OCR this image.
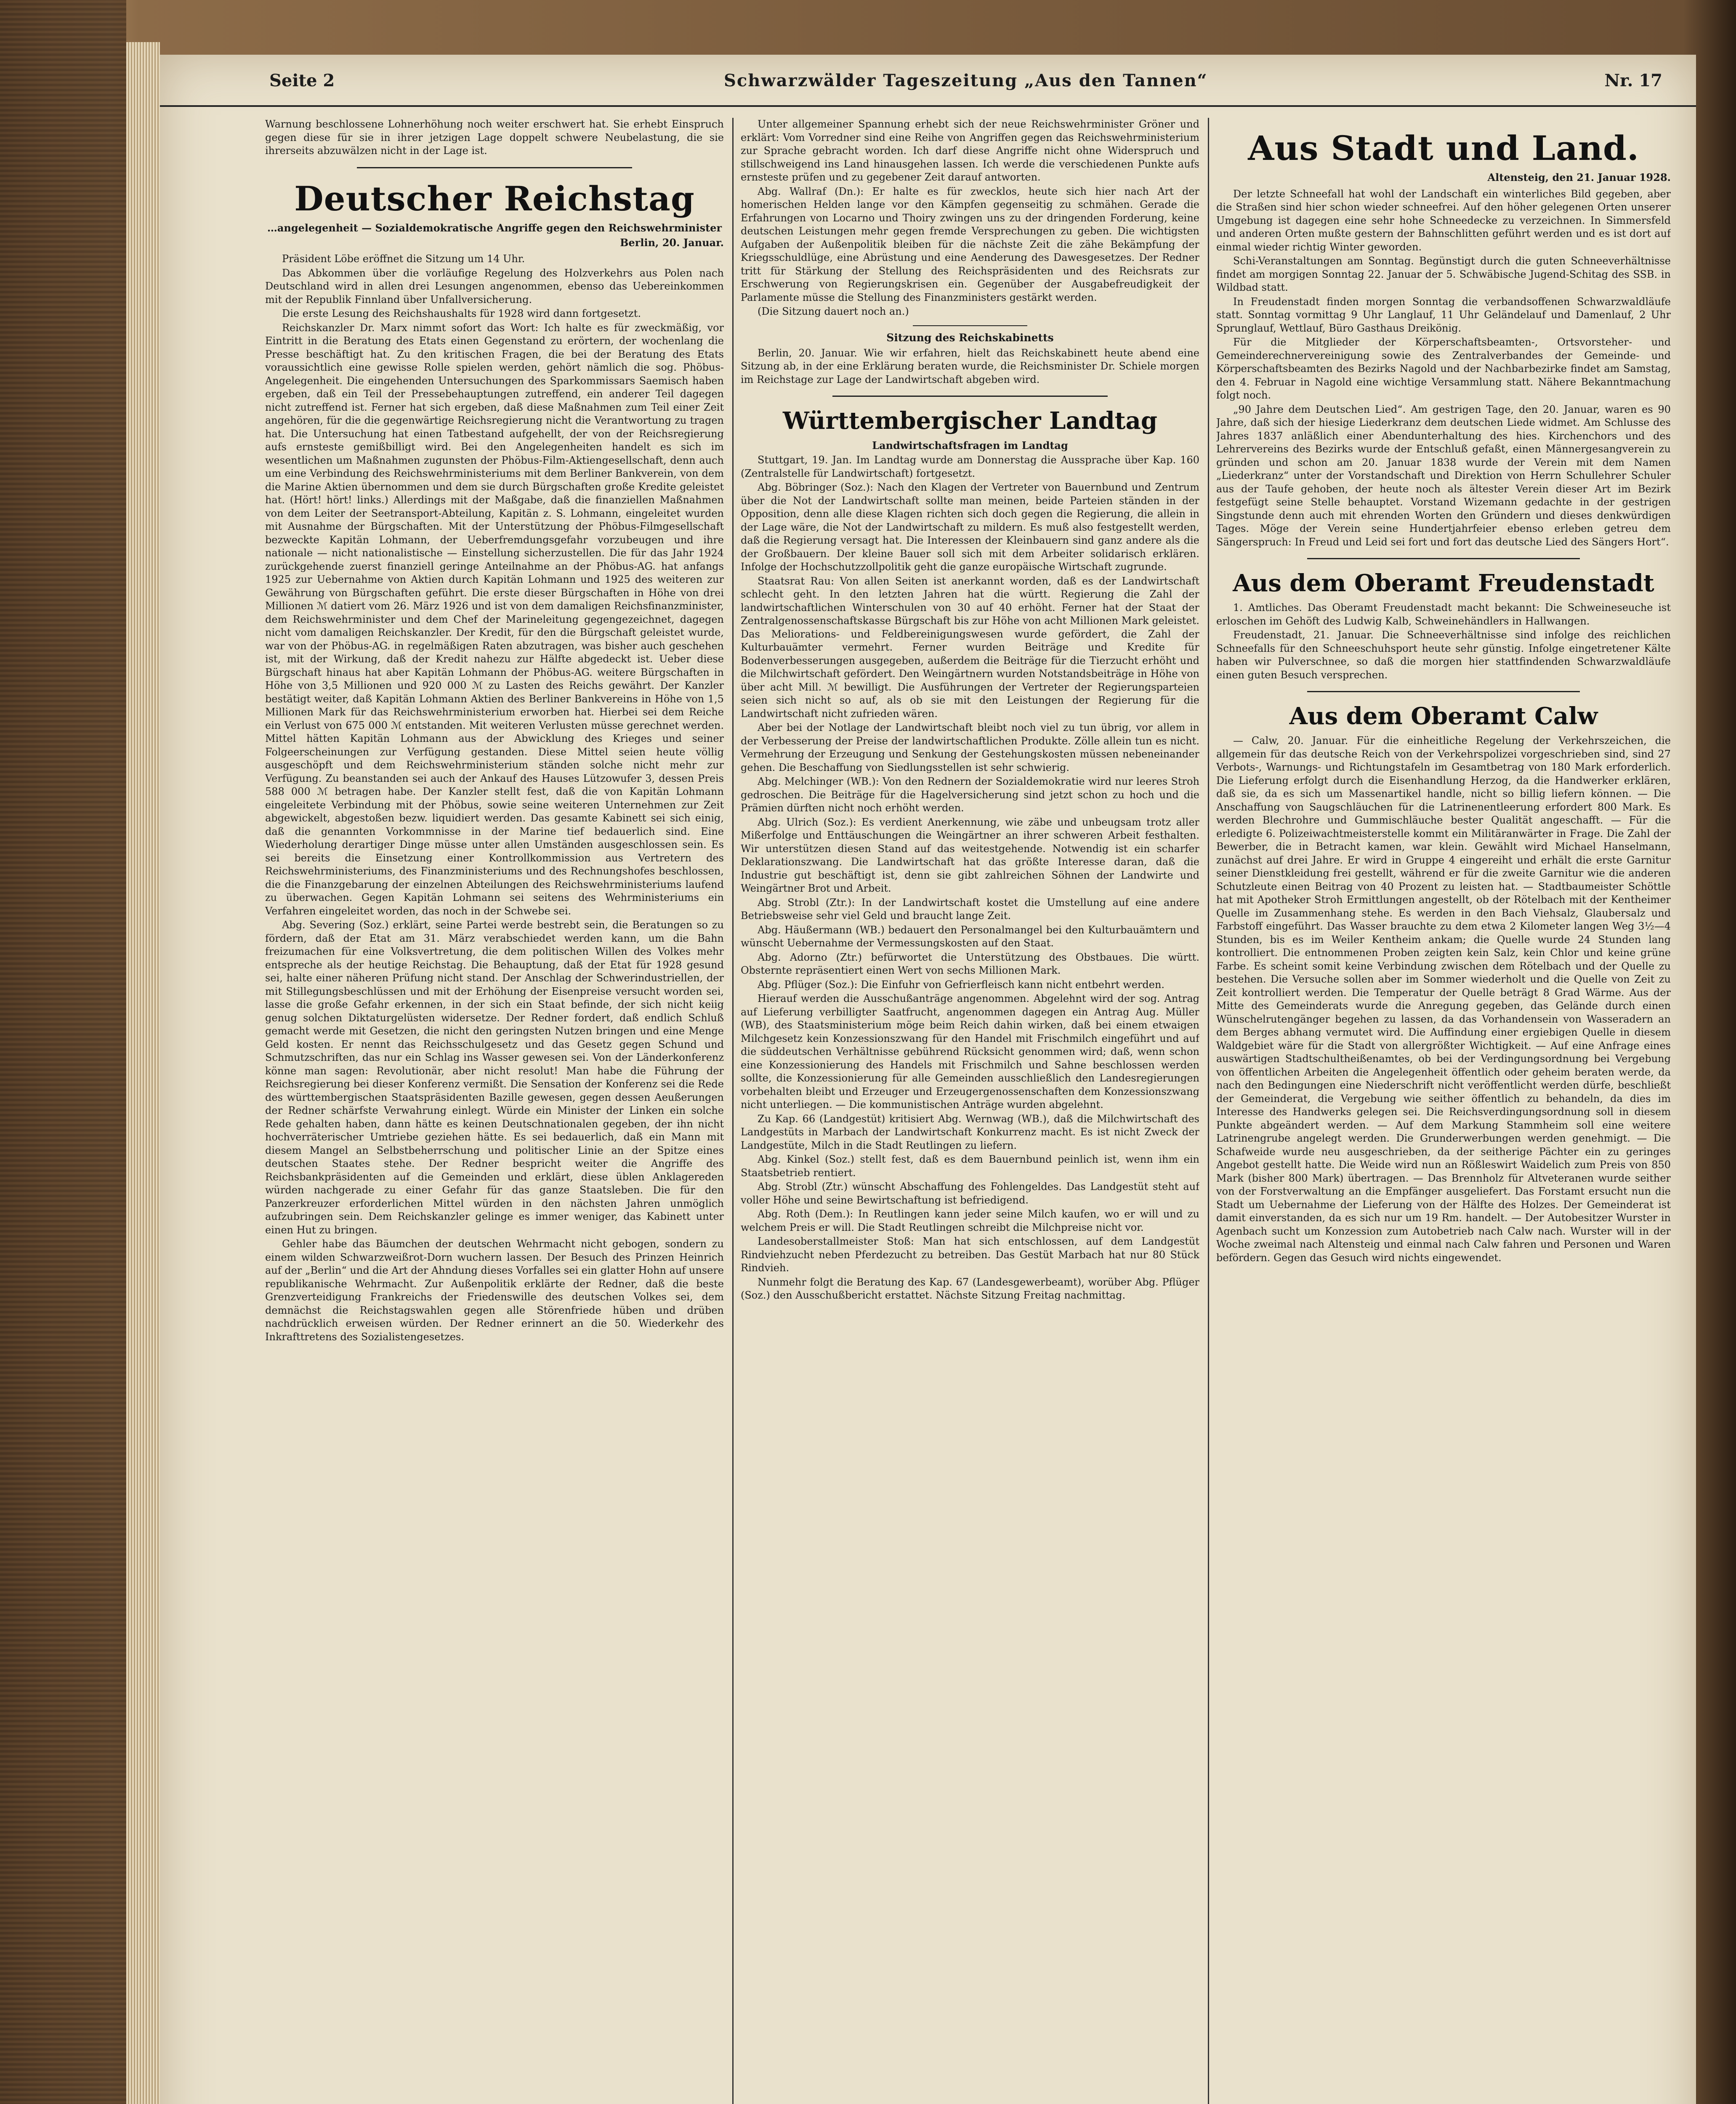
Seite 2	Schwarzwälder Tageszeitung „Aus den Tannen“	Nr. 17

Warnung beschlossene Lohnerhöhung noch weiter erschwert hat. Sie erhebt Einspruch gegen diese für sie in ihrer jetzigen Lage doppelt schwere Neubelastung, die sie ihrerseits abzuwälzen nicht in der Lage ist.

Deutscher Reichstag
…angelegenheit — Sozialdemokratische Angriffe gegen den Reichswehrminister
Berlin, 20. Januar.

Präsident Löbe eröffnet die Sitzung um 14 Uhr.

Das Abkommen über die vorläufige Regelung des Holzverkehrs aus Polen nach Deutschland wird in allen drei Lesungen angenommen, ebenso das Uebereinkommen mit der Republik Finnland über Unfallversicherung.

Die erste Lesung des Reichshaushalts für 1928 wird dann fortgesetzt.

Reichskanzler Dr. Marx nimmt sofort das Wort: Ich halte es für zweckmäßig, vor Eintritt in die Beratung des Etats einen Gegenstand zu erörtern, der wochenlang die Presse beschäftigt hat. Zu den kritischen Fragen, die bei der Beratung des Etats voraussichtlich eine gewisse Rolle spielen werden, gehört nämlich die sog. Phöbus-Angelegenheit. Die eingehenden Untersuchungen des Sparkommissars Saemisch haben ergeben, daß ein Teil der Pressebehauptungen zutreffend, ein anderer Teil dagegen nicht zutreffend ist. Ferner hat sich ergeben, daß diese Maßnahmen zum Teil einer Zeit angehören, für die die gegenwärtige Reichsregierung nicht die Verantwortung zu tragen hat. Die Untersuchung hat einen Tatbestand aufgehellt, der von der Reichsregierung aufs ernsteste gemißbilligt wird. Bei den Angelegenheiten handelt es sich im wesentlichen um Maßnahmen zugunsten der Phöbus-Film-Aktiengesellschaft, denn auch um eine Verbindung des Reichswehrministeriums mit dem Berliner Bankverein, von dem die Marine Aktien übernommen und dem sie durch Bürgschaften große Kredite geleistet hat. (Hört! hört! links.) Allerdings mit der Maßgabe, daß die finanziellen Maßnahmen von dem Leiter der Seetransport-Abteilung, Kapitän z. S. Lohmann, eingeleitet wurden mit Ausnahme der Bürgschaften. Mit der Unterstützung der Phöbus-Filmgesellschaft bezweckte Kapitän Lohmann, der Ueberfremdungsgefahr vorzubeugen und ihre nationale — nicht nationalistische — Einstellung sicherzustellen. Die für das Jahr 1924 zurückgehende zuerst finanziell geringe Anteilnahme an der Phöbus-AG. hat anfangs 1925 zur Uebernahme von Aktien durch Kapitän Lohmann und 1925 des weiteren zur Gewährung von Bürgschaften geführt. Die erste dieser Bürgschaften in Höhe von drei Millionen ℳ datiert vom 26. März 1926 und ist von dem damaligen Reichsfinanzminister, dem Reichswehrminister und dem Chef der Marineleitung gegengezeichnet, dagegen nicht vom damaligen Reichskanzler. Der Kredit, für den die Bürgschaft geleistet wurde, war von der Phöbus-AG. in regelmäßigen Raten abzutragen, was bisher auch geschehen ist, mit der Wirkung, daß der Kredit nahezu zur Hälfte abgedeckt ist. Ueber diese Bürgschaft hinaus hat aber Kapitän Lohmann der Phöbus-AG. weitere Bürgschaften in Höhe von 3,5 Millionen und 920 000 ℳ zu Lasten des Reichs gewährt. Der Kanzler bestätigt weiter, daß Kapitän Lohmann Aktien des Berliner Bankvereins in Höhe von 1,5 Millionen Mark für das Reichswehrministerium erworben hat. Hierbei sei dem Reiche ein Verlust von 675 000 ℳ entstanden. Mit weiteren Verlusten müsse gerechnet werden. Mittel hätten Kapitän Lohmann aus der Abwicklung des Krieges und seiner Folgeerscheinungen zur Verfügung gestanden. Diese Mittel seien heute völlig ausgeschöpft und dem Reichswehrministerium ständen solche nicht mehr zur Verfügung. Zu beanstanden sei auch der Ankauf des Hauses Lützowufer 3, dessen Preis 588 000 ℳ betragen habe. Der Kanzler stellt fest, daß die von Kapitän Lohmann eingeleitete Verbindung mit der Phöbus, sowie seine weiteren Unternehmen zur Zeit abgewickelt, abgestoßen bezw. liquidiert werden. Das gesamte Kabinett sei sich einig, daß die genannten Vorkommnisse in der Marine tief bedauerlich sind. Eine Wiederholung derartiger Dinge müsse unter allen Umständen ausgeschlossen sein. Es sei bereits die Einsetzung einer Kontrollkommission aus Vertretern des Reichswehrministeriums, des Finanzministeriums und des Rechnungshofes beschlossen, die die Finanzgebarung der einzelnen Abteilungen des Reichswehrministeriums laufend zu überwachen. Gegen Kapitän Lohmann sei seitens des Wehrministeriums ein Verfahren eingeleitet worden, das noch in der Schwebe sei.

Abg. Severing (Soz.) erklärt, seine Partei werde bestrebt sein, die Beratungen so zu fördern, daß der Etat am 31. März verabschiedet werden kann, um die Bahn freizumachen für eine Volksvertretung, die dem politischen Willen des Volkes mehr entspreche als der heutige Reichstag. Die Behauptung, daß der Etat für 1928 gesund sei, halte einer näheren Prüfung nicht stand. Der Anschlag der Schwerindustriellen, der mit Stillegungsbeschlüssen und mit der Erhöhung der Eisenpreise versucht worden sei, lasse die große Gefahr erkennen, in der sich ein Staat befinde, der sich nicht keiig genug solchen Diktaturgelüsten widersetze. Der Redner fordert, daß endlich Schluß gemacht werde mit Gesetzen, die nicht den geringsten Nutzen bringen und eine Menge Geld kosten. Er nennt das Reichsschulgesetz und das Gesetz gegen Schund und Schmutzschriften, das nur ein Schlag ins Wasser gewesen sei. Von der Länderkonferenz könne man sagen: Revolutionär, aber nicht resolut! Man habe die Führung der Reichsregierung bei dieser Konferenz vermißt. Die Sensation der Konferenz sei die Rede des württembergischen Staatspräsidenten Bazille gewesen, gegen dessen Aeußerungen der Redner schärfste Verwahrung einlegt. Würde ein Minister der Linken ein solche Rede gehalten haben, dann hätte es keinen Deutschnationalen gegeben, der ihn nicht hochverräterischer Umtriebe geziehen hätte. Es sei bedauerlich, daß ein Mann mit diesem Mangel an Selbstbeherrschung und politischer Linie an der Spitze eines deutschen Staates stehe. Der Redner bespricht weiter die Angriffe des Reichsbankpräsidenten auf die Gemeinden und erklärt, diese üblen Anklagereden würden nachgerade zu einer Gefahr für das ganze Staatsleben. Die für den Panzerkreuzer erforderlichen Mittel würden in den nächsten Jahren unmöglich aufzubringen sein. Dem Reichskanzler gelinge es immer weniger, das Kabinett unter einen Hut zu bringen.

Gehler habe das Bäumchen der deutschen Wehrmacht nicht gebogen, sondern zu einem wilden Schwarzweißrot-Dorn wuchern lassen. Der Besuch des Prinzen Heinrich auf der „Berlin“ und die Art der Ahndung dieses Vorfalles sei ein glatter Hohn auf unsere republikanische Wehrmacht. Zur Außenpolitik erklärte der Redner, daß die beste Grenzverteidigung Frankreichs der Friedenswille des deutschen Volkes sei, dem demnächst die Reichstagswahlen gegen alle Störenfriede hüben und drüben nachdrücklich erweisen würden. Der Redner erinnert an die 50. Wiederkehr des Inkrafttretens des Sozialistengesetzes.

Unter allgemeiner Spannung erhebt sich der neue Reichswehrminister Gröner und erklärt: Vom Vorredner sind eine Reihe von Angriffen gegen das Reichswehrministerium zur Sprache gebracht worden. Ich darf diese Angriffe nicht ohne Widerspruch und stillschweigend ins Land hinausgehen lassen. Ich werde die verschiedenen Punkte aufs ernsteste prüfen und zu gegebener Zeit darauf antworten.

Abg. Wallraf (Dn.): Er halte es für zwecklos, heute sich hier nach Art der homerischen Helden lange vor den Kämpfen gegenseitig zu schmähen. Gerade die Erfahrungen von Locarno und Thoiry zwingen uns zu der dringenden Forderung, keine deutschen Leistungen mehr gegen fremde Versprechungen zu geben. Die wichtigsten Aufgaben der Außenpolitik bleiben für die nächste Zeit die zähe Bekämpfung der Kriegsschuldlüge, eine Abrüstung und eine Aenderung des Dawesgesetzes. Der Redner tritt für Stärkung der Stellung des Reichspräsidenten und des Reichsrats zur Erschwerung von Regierungskrisen ein. Gegenüber der Ausgabefreudigkeit der Parlamente müsse die Stellung des Finanzministers gestärkt werden.

(Die Sitzung dauert noch an.)

Sitzung des Reichskabinetts

Berlin, 20. Januar. Wie wir erfahren, hielt das Reichskabinett heute abend eine Sitzung ab, in der eine Erklärung beraten wurde, die Reichsminister Dr. Schiele morgen im Reichstage zur Lage der Landwirtschaft abgeben wird.

Württembergischer Landtag
Landwirtschaftsfragen im Landtag

Stuttgart, 19. Jan. Im Landtag wurde am Donnerstag die Aussprache über Kap. 160 (Zentralstelle für Landwirtschaft) fortgesetzt.

Abg. Böbringer (Soz.): Nach den Klagen der Vertreter von Bauernbund und Zentrum über die Not der Landwirtschaft sollte man meinen, beide Parteien ständen in der Opposition, denn alle diese Klagen richten sich doch gegen die Regierung, die allein in der Lage wäre, die Not der Landwirtschaft zu mildern. Es muß also festgestellt werden, daß die Regierung versagt hat. Die Interessen der Kleinbauern sind ganz andere als die der Großbauern. Der kleine Bauer soll sich mit dem Arbeiter solidarisch erklären. Infolge der Hochschutzzollpolitik geht die ganze europäische Wirtschaft zugrunde.

Staatsrat Rau: Von allen Seiten ist anerkannt worden, daß es der Landwirtschaft schlecht geht. In den letzten Jahren hat die württ. Regierung die Zahl der landwirtschaftlichen Winterschulen von 30 auf 40 erhöht. Ferner hat der Staat der Zentralgenossenschaftskasse Bürgschaft bis zur Höhe von acht Millionen Mark geleistet. Das Meliorations- und Feldbereinigungswesen wurde gefördert, die Zahl der Kulturbauämter vermehrt. Ferner wurden Beiträge und Kredite für Bodenverbesserungen ausgegeben, außerdem die Beiträge für die Tierzucht erhöht und die Milchwirtschaft gefördert. Den Weingärtnern wurden Notstandsbeiträge in Höhe von über acht Mill. ℳ bewilligt. Die Ausführungen der Vertreter der Regierungsparteien seien sich nicht so auf, als ob sie mit den Leistungen der Regierung für die Landwirtschaft nicht zufrieden wären.

Aber bei der Notlage der Landwirtschaft bleibt noch viel zu tun übrig, vor allem in der Verbesserung der Preise der landwirtschaftlichen Produkte. Zölle allein tun es nicht. Vermehrung der Erzeugung und Senkung der Gestehungskosten müssen nebeneinander gehen. Die Beschaffung von Siedlungsstellen ist sehr schwierig.

Abg. Melchinger (WB.): Von den Rednern der Sozialdemokratie wird nur leeres Stroh gedroschen. Die Beiträge für die Hagelversicherung sind jetzt schon zu hoch und die Prämien dürften nicht noch erhöht werden.

Abg. Ulrich (Soz.): Es verdient Anerkennung, wie zäbe und unbeugsam trotz aller Mißerfolge und Enttäuschungen die Weingärtner an ihrer schweren Arbeit festhalten. Wir unterstützen diesen Stand auf das weitestgehende. Notwendig ist ein scharfer Deklarationszwang. Die Landwirtschaft hat das größte Interesse daran, daß die Industrie gut beschäftigt ist, denn sie gibt zahlreichen Söhnen der Landwirte und Weingärtner Brot und Arbeit.

Abg. Strobl (Ztr.): In der Landwirtschaft kostet die Umstellung auf eine andere Betriebsweise sehr viel Geld und braucht lange Zeit.

Abg. Häußermann (WB.) bedauert den Personalmangel bei den Kulturbauämtern und wünscht Uebernahme der Vermessungskosten auf den Staat.

Abg. Adorno (Ztr.) befürwortet die Unterstützung des Obstbaues. Die württ. Obsternte repräsentiert einen Wert von sechs Millionen Mark.

Abg. Pflüger (Soz.): Die Einfuhr von Gefrierfleisch kann nicht entbehrt werden.

Hierauf werden die Ausschußanträge angenommen. Abgelehnt wird der sog. Antrag auf Lieferung verbilligter Saatfrucht, angenommen dagegen ein Antrag Aug. Müller (WB), des Staatsministerium möge beim Reich dahin wirken, daß bei einem etwaigen Milchgesetz kein Konzessionszwang für den Handel mit Frischmilch eingeführt und auf die süddeutschen Verhältnisse gebührend Rücksicht genommen wird; daß, wenn schon eine Konzessionierung des Handels mit Frischmilch und Sahne beschlossen werden sollte, die Konzessionierung für alle Gemeinden ausschließlich den Landesregierungen vorbehalten bleibt und Erzeuger und Erzeugergenossenschaften dem Konzessionszwang nicht unterliegen. — Die kommunistischen Anträge wurden abgelehnt.

Zu Kap. 66 (Landgestüt) kritisiert Abg. Wernwag (WB.), daß die Milchwirtschaft des Landgestüts in Marbach der Landwirtschaft Konkurrenz macht. Es ist nicht Zweck der Landgestüte, Milch in die Stadt Reutlingen zu liefern.

Abg. Kinkel (Soz.) stellt fest, daß es dem Bauernbund peinlich ist, wenn ihm ein Staatsbetrieb rentiert.

Abg. Strobl (Ztr.) wünscht Abschaffung des Fohlengeldes. Das Landgestüt steht auf voller Höhe und seine Bewirtschaftung ist befriedigend.

Abg. Roth (Dem.): In Reutlingen kann jeder seine Milch kaufen, wo er will und zu welchem Preis er will. Die Stadt Reutlingen schreibt die Milchpreise nicht vor.

Landesoberstallmeister Stoß: Man hat sich entschlossen, auf dem Landgestüt Rindviehzucht neben Pferdezucht zu betreiben. Das Gestüt Marbach hat nur 80 Stück Rindvieh.

Nunmehr folgt die Beratung des Kap. 67 (Landesgewerbeamt), worüber Abg. Pflüger (Soz.) den Ausschußbericht erstattet. Nächste Sitzung Freitag nachmittag.

Aus Stadt und Land.
Altensteig, den 21. Januar 1928.

Der letzte Schneefall hat wohl der Landschaft ein winterliches Bild gegeben, aber die Straßen sind hier schon wieder schneefrei. Auf den höher gelegenen Orten unserer Umgebung ist dagegen eine sehr hohe Schneedecke zu verzeichnen. In Simmersfeld und anderen Orten mußte gestern der Bahnschlitten geführt werden und es ist dort auf einmal wieder richtig Winter geworden.

Schi-Veranstaltungen am Sonntag. Begünstigt durch die guten Schneeverhältnisse findet am morgigen Sonntag 22. Januar der 5. Schwäbische Jugend-Schitag des SSB. in Wildbad statt.

In Freudenstadt finden morgen Sonntag die verbandsoffenen Schwarzwaldläufe statt. Sonntag vormittag 9 Uhr Langlauf, 11 Uhr Geländelauf und Damenlauf, 2 Uhr Sprunglauf, Wettlauf, Büro Gasthaus Dreikönig.

Für die Mitglieder der Körperschaftsbeamten-, Ortsvorsteher- und Gemeinderechnervereinigung sowie des Zentralverbandes der Gemeinde- und Körperschaftsbeamten des Bezirks Nagold und der Nachbarbezirke findet am Samstag, den 4. Februar in Nagold eine wichtige Versammlung statt. Nähere Bekanntmachung folgt noch.

„90 Jahre dem Deutschen Lied“. Am gestrigen Tage, den 20. Januar, waren es 90 Jahre, daß sich der hiesige Liederkranz dem deutschen Liede widmet. Am Schlusse des Jahres 1837 anläßlich einer Abendunterhaltung des hies. Kirchenchors und des Lehrervereins des Bezirks wurde der Entschluß gefaßt, einen Männergesangverein zu gründen und schon am 20. Januar 1838 wurde der Verein mit dem Namen „Liederkranz“ unter der Vorstandschaft und Direktion von Herrn Schullehrer Schuler aus der Taufe gehoben, der heute noch als ältester Verein dieser Art im Bezirk festgefügt seine Stelle behauptet. Vorstand Wizemann gedachte in der gestrigen Singstunde denn auch mit ehrenden Worten den Gründern und dieses denkwürdigen Tages. Möge der Verein seine Hundertjahrfeier ebenso erleben getreu dem Sängerspruch: In Freud und Leid sei fort und fort das deutsche Lied des Sängers Hort“.

Aus dem Oberamt Freudenstadt

1. Amtliches. Das Oberamt Freudenstadt macht bekannt: Die Schweineseuche ist erloschen im Gehöft des Ludwig Kalb, Schweinehändlers in Hallwangen.

Freudenstadt, 21. Januar. Die Schneeverhältnisse sind infolge des reichlichen Schneefalls für den Schneeschuhsport heute sehr günstig. Infolge eingetretener Kälte haben wir Pulverschnee, so daß die morgen hier stattfindenden Schwarzwaldläufe einen guten Besuch versprechen.

Aus dem Oberamt Calw

— Calw, 20. Januar. Für die einheitliche Regelung der Verkehrszeichen, die allgemein für das deutsche Reich von der Verkehrspolizei vorgeschrieben sind, sind 27 Verbots-, Warnungs- und Richtungstafeln im Gesamtbetrag von 180 Mark erforderlich. Die Lieferung erfolgt durch die Eisenhandlung Herzog, da die Handwerker erklären, daß sie, da es sich um Massenartikel handle, nicht so billig liefern können. — Die Anschaffung von Saugschläuchen für die Latrinenentleerung erfordert 800 Mark. Es werden Blechrohre und Gummischläuche bester Qualität angeschafft. — Für die erledigte 6. Polizeiwachtmeisterstelle kommt ein Militäranwärter in Frage. Die Zahl der Bewerber, die in Betracht kamen, war klein. Gewählt wird Michael Hanselmann, zunächst auf drei Jahre. Er wird in Gruppe 4 eingereiht und erhält die erste Garnitur seiner Dienstkleidung frei gestellt, während er für die zweite Garnitur wie die anderen Schutzleute einen Beitrag von 40 Prozent zu leisten hat. — Stadtbaumeister Schöttle hat mit Apotheker Stroh Ermittlungen angestellt, ob der Rötelbach mit der Kentheimer Quelle im Zusammenhang stehe. Es werden in den Bach Viehsalz, Glaubersalz und Farbstoff eingeführt. Das Wasser brauchte zu dem etwa 2 Kilometer langen Weg 3½—4 Stunden, bis es im Weiler Kentheim ankam; die Quelle wurde 24 Stunden lang kontrolliert. Die entnommenen Proben zeigten kein Salz, kein Chlor und keine grüne Farbe. Es scheint somit keine Verbindung zwischen dem Rötelbach und der Quelle zu bestehen. Die Versuche sollen aber im Sommer wiederholt und die Quelle von Zeit zu Zeit kontrolliert werden. Die Temperatur der Quelle beträgt 8 Grad Wärme. Aus der Mitte des Gemeinderats wurde die Anregung gegeben, das Gelände durch einen Wünschelrutengänger begehen zu lassen, da das Vorhandensein von Wasseradern an dem Berges abhang vermutet wird. Die Auffindung einer ergiebigen Quelle in diesem Waldgebiet wäre für die Stadt von allergrößter Wichtigkeit. — Auf eine Anfrage eines auswärtigen Stadtschultheißenamtes, ob bei der Verdingungsordnung bei Vergebung von öffentlichen Arbeiten die Angelegenheit öffentlich oder geheim beraten werde, da nach den Bedingungen eine Niederschrift nicht veröffentlicht werden dürfe, beschließt der Gemeinderat, die Vergebung wie seither öffentlich zu behandeln, da dies im Interesse des Handwerks gelegen sei. Die Reichsverdingungsordnung soll in diesem Punkte abgeändert werden. — Auf dem Markung Stammheim soll eine weitere Latrinengrube angelegt werden. Die Grunderwerbungen werden genehmigt. — Die Schafweide wurde neu ausgeschrieben, da der seitherige Pächter ein zu geringes Angebot gestellt hatte. Die Weide wird nun an Rößleswirt Waidelich zum Preis von 850 Mark (bisher 800 Mark) übertragen. — Das Brennholz für Altveteranen wurde seither von der Forstverwaltung an die Empfänger ausgeliefert. Das Forstamt ersucht nun die Stadt um Uebernahme der Lieferung von der Hälfte des Holzes. Der Gemeinderat ist damit einverstanden, da es sich nur um 19 Rm. handelt. — Der Autobesitzer Wurster in Agenbach sucht um Konzession zum Autobetrieb nach Calw nach. Wurster will in der Woche zweimal nach Altensteig und einmal nach Calw fahren und Personen und Waren befördern. Gegen das Gesuch wird nichts eingewendet.
